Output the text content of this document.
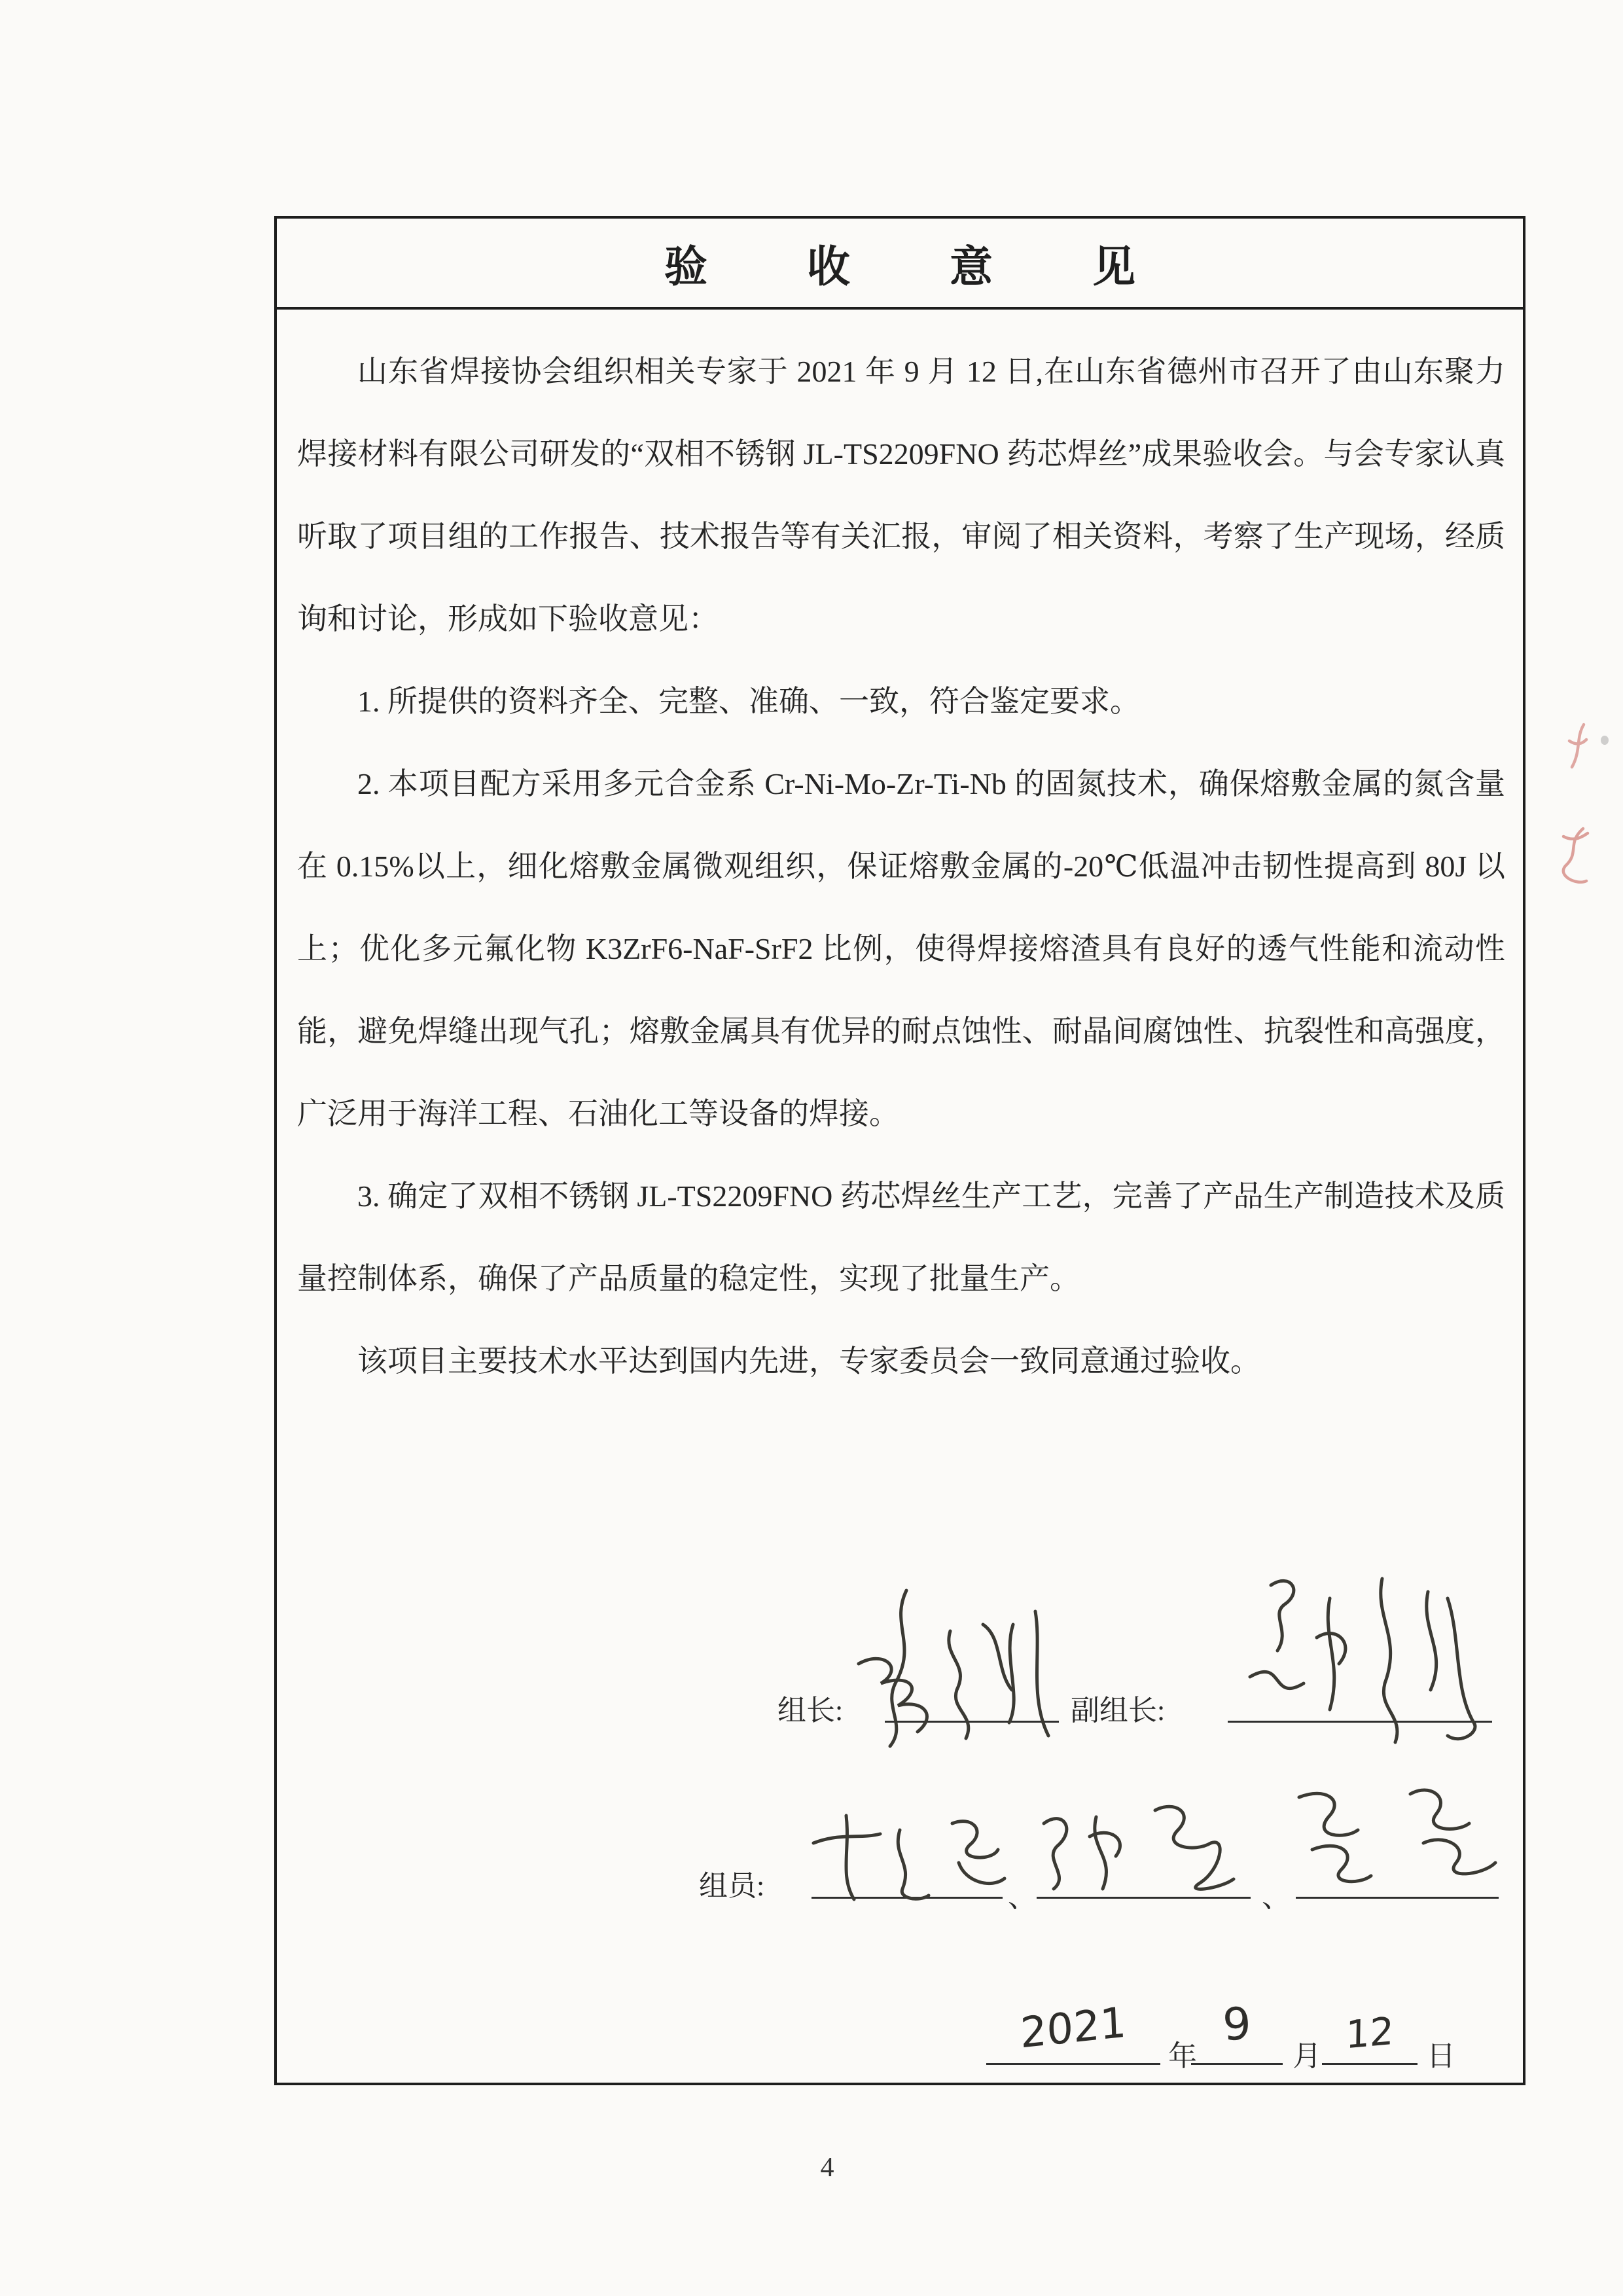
验收意见

山东省焊接协会组织相关专家于 2021 年 9 月 12 日,在山东省德州市召开了由山东聚力焊接材料有限公司研发的“双相不锈钢 JL-TS2209FNO 药芯焊丝”成果验收会。与会专家认真听取了项目组的工作报告、技术报告等有关汇报，审阅了相关资料，考察了生产现场，经质询和讨论，形成如下验收意见：

1. 所提供的资料齐全、完整、准确、一致，符合鉴定要求。

2. 本项目配方采用多元合金系 Cr-Ni-Mo-Zr-Ti-Nb 的固氮技术，确保熔敷金属的氮含量在 0.15%以上，细化熔敷金属微观组织，保证熔敷金属的-20℃低温冲击韧性提高到 80J 以上；优化多元氟化物 K3ZrF6-NaF-SrF2 比例，使得焊接熔渣具有良好的透气性能和流动性能，避免焊缝出现气孔；熔敷金属具有优异的耐点蚀性、耐晶间腐蚀性、抗裂性和高强度，广泛用于海洋工程、石油化工等设备的焊接。

3. 确定了双相不锈钢 JL-TS2209FNO 药芯焊丝生产工艺，完善了产品生产制造技术及质量控制体系，确保了产品质量的稳定性，实现了批量生产。

该项目主要技术水平达到国内先进，专家委员会一致同意通过验收。

组长:	副组长:
组员:	、	、
2021	年
9
月 12	日
4
